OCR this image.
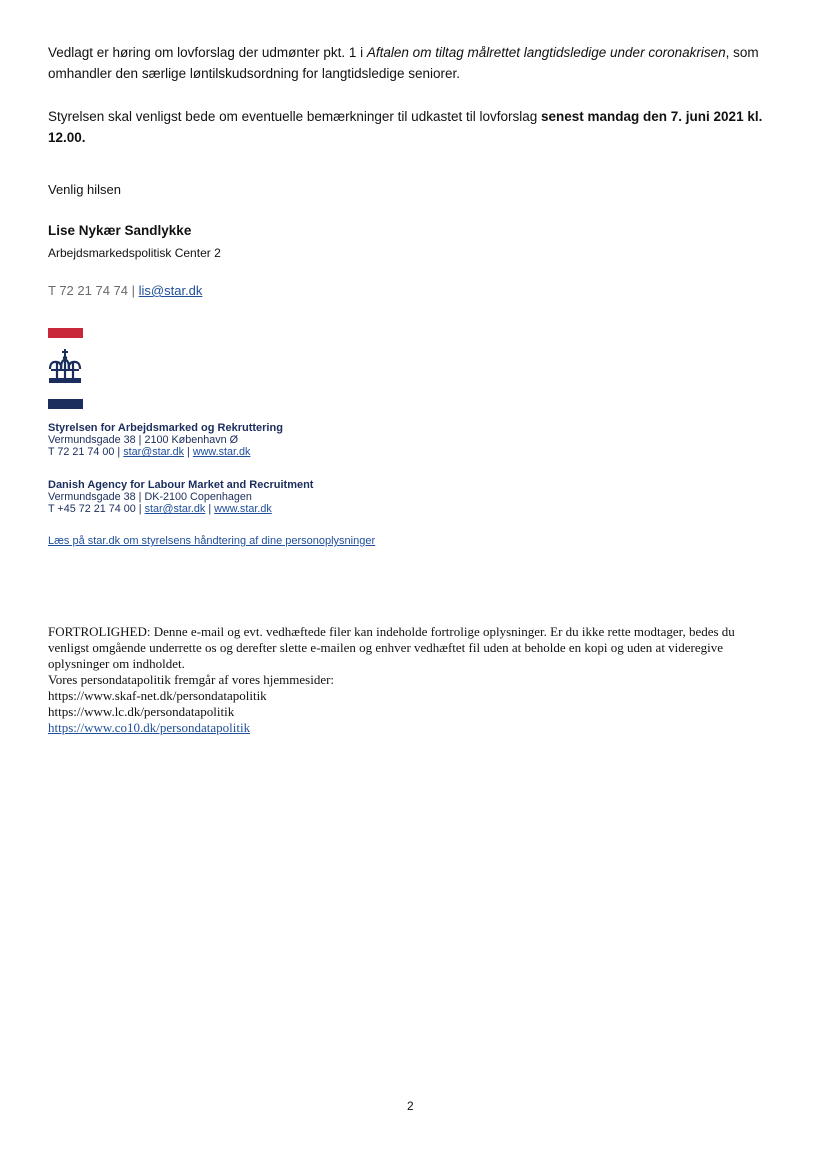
Vedlagt er høring om lovforslag der udmønter pkt. 1 i Aftalen om tiltag målrettet langtidsledige under coronakrisen, som omhandler den særlige løntilskudsordning for langtidsledige seniorer.
Styrelsen skal venligst bede om eventuelle bemærkninger til udkastet til lovforslag senest mandag den 7. juni 2021 kl. 12.00.
Venlig hilsen
Lise Nykær Sandlykke
Arbejdsmarkedspolitisk Center 2
T 72 21 74 74 | lis@star.dk
Styrelsen for Arbejdsmarked og Rekruttering
Vermundsgade 38 | 2100 København Ø
T 72 21 74 00 | star@star.dk | www.star.dk
Danish Agency for Labour Market and Recruitment
Vermundsgade 38 | DK-2100 Copenhagen
T +45 72 21 74 00 | star@star.dk | www.star.dk
Læs på star.dk om styrelsens håndtering af dine personoplysninger
FORTROLIGHED: Denne e-mail og evt. vedhæftede filer kan indeholde fortrolige oplysninger. Er du ikke rette modtager, bedes du venligst omgående underrette os og derefter slette e-mailen og enhver vedhæftet fil uden at beholde en kopi og uden at videregive oplysninger om indholdet.
Vores persondatapolitik fremgår af vores hjemmesider:
https://www.skaf-net.dk/persondatapolitik
https://www.lc.dk/persondatapolitik
https://www.co10.dk/persondatapolitik
2
